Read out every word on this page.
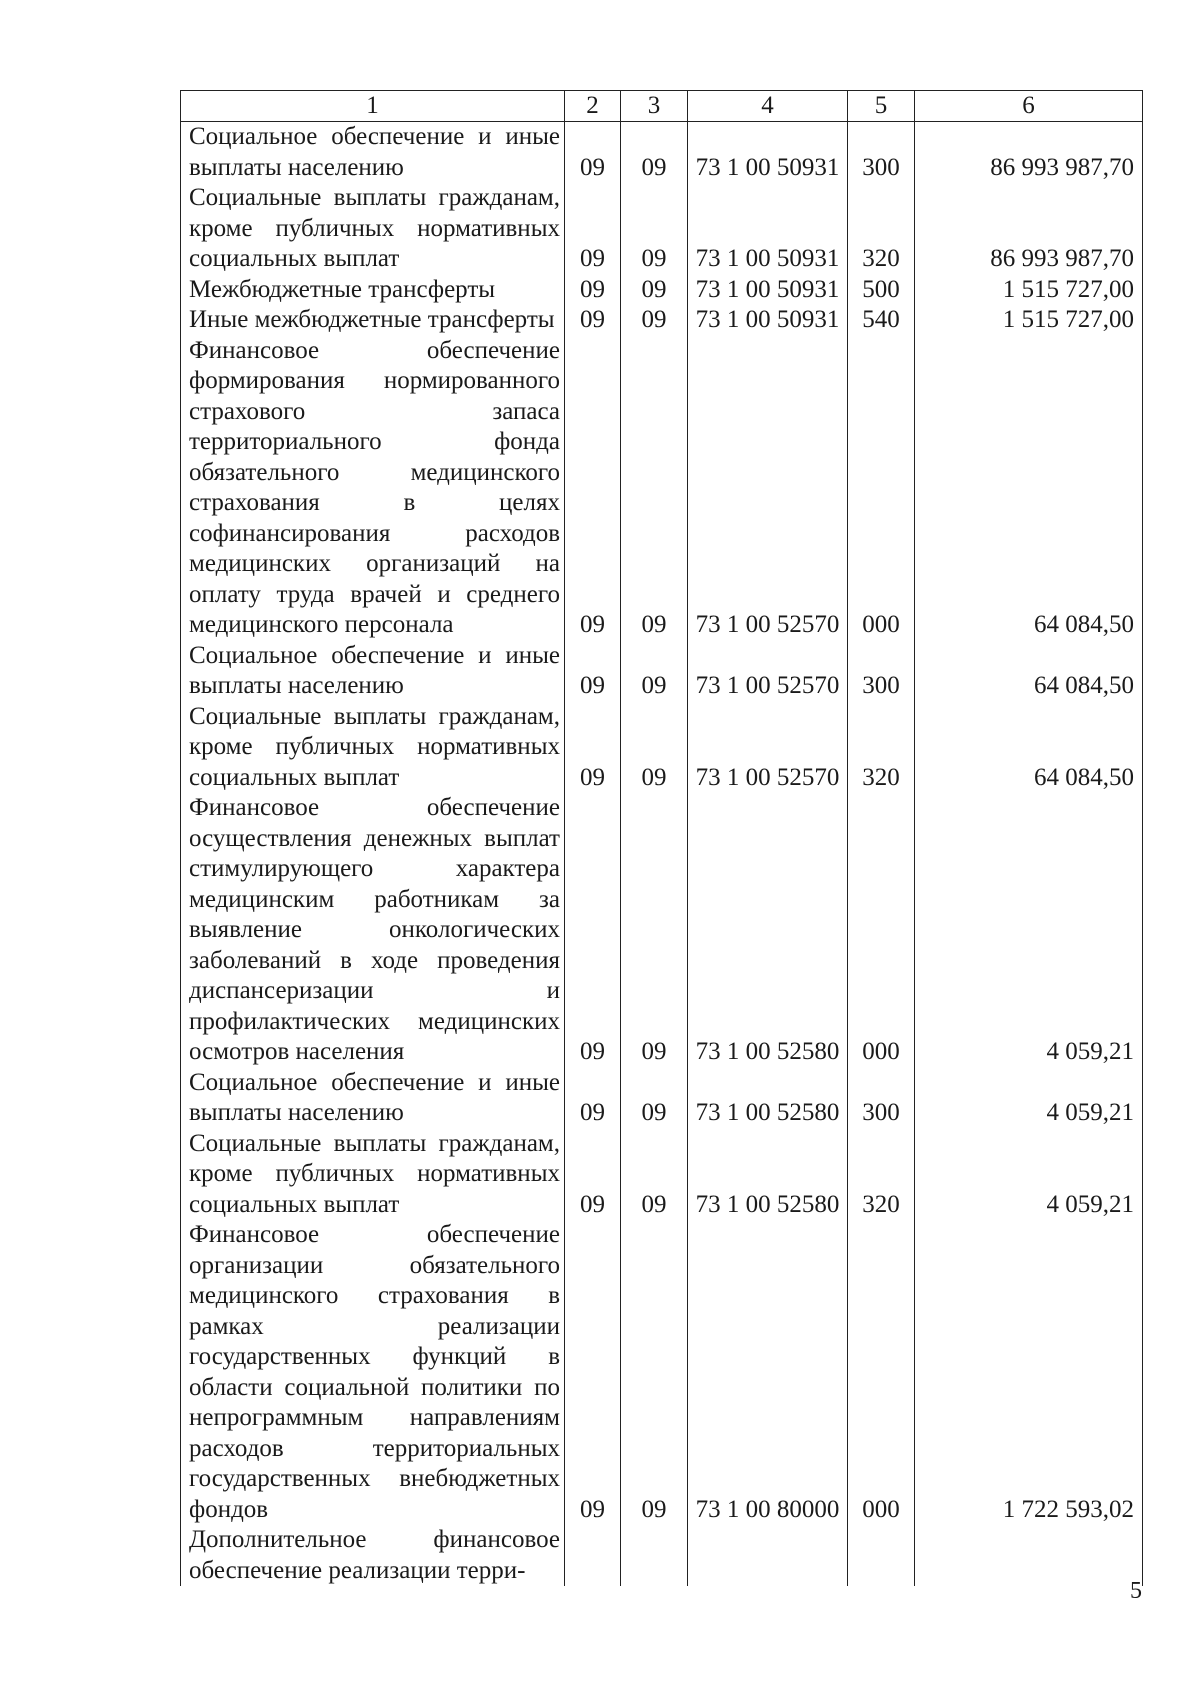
1	2	3	4	5	6
Социальное обеспечение и иные выплаты населению	09	09	73 1 00 50931	300	86 993 987,70
Социальные выплаты гражданам, кроме публичных нормативных социальных выплат	09	09	73 1 00 50931	320	86 993 987,70
Межбюджетные трансферты	09	09	73 1 00 50931	500	1 515 727,00
Иные межбюджетные трансферты	09	09	73 1 00 50931	540	1 515 727,00
Финансовое обеспечение формирования нормированного страхового запаса территориального фонда обязательного медицинского страхования в целях софинансирования расходов медицинских организаций на оплату труда врачей и среднего медицинского персонала	09	09	73 1 00 52570	000	64 084,50
Социальное обеспечение и иные выплаты населению	09	09	73 1 00 52570	300	64 084,50
Социальные выплаты гражданам, кроме публичных нормативных социальных выплат	09	09	73 1 00 52570	320	64 084,50
Финансовое обеспечение осуществления денежных выплат стимулирующего характера медицинским работникам за выявление онкологических заболеваний в ходе проведения диспансеризации и профилактических медицинских осмотров населения	09	09	73 1 00 52580	000	4 059,21
Социальное обеспечение и иные выплаты населению	09	09	73 1 00 52580	300	4 059,21
Социальные выплаты гражданам, кроме публичных нормативных социальных выплат	09	09	73 1 00 52580	320	4 059,21
Финансовое обеспечение организации обязательного медицинского страхования в рамках реализации государственных функций в области социальной политики по непрограммным направлениям расходов территориальных государственных внебюджетных фондов	09	09	73 1 00 80000	000	1 722 593,02
Дополнительное финансовое обеспечение реализации терри-					
5
